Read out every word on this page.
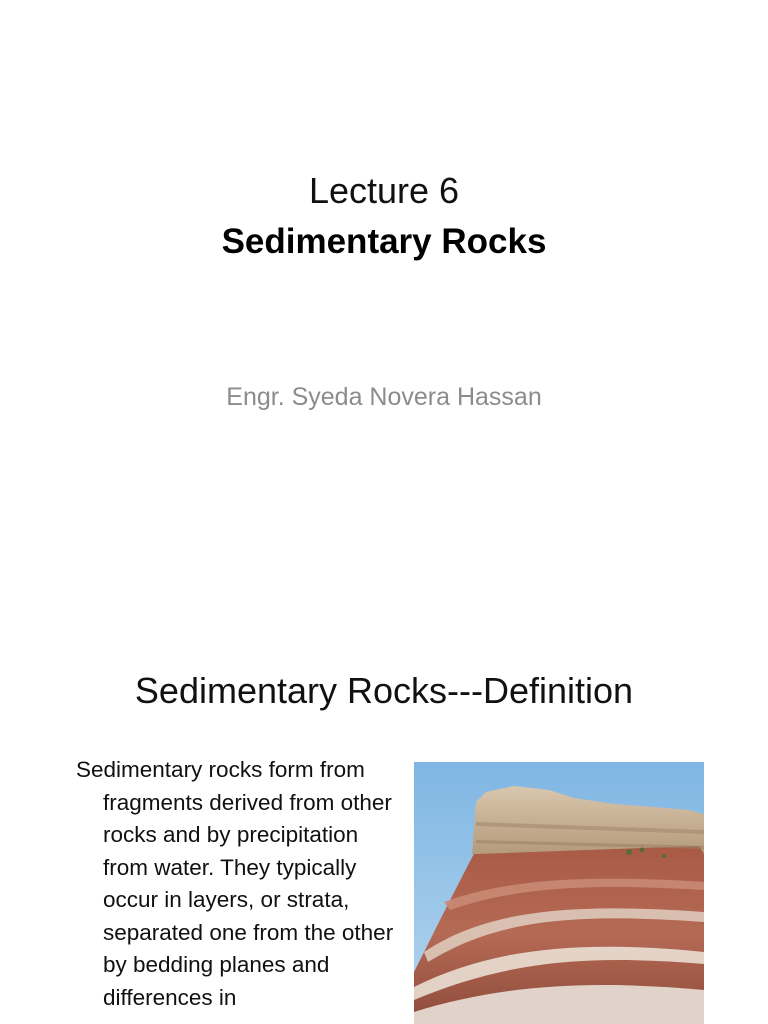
Lecture 6
Sedimentary Rocks
Engr. Syeda Novera Hassan
Sedimentary Rocks---Definition

Sedimentary rocks form from fragments derived from other rocks and by precipitation from water. They typically occur in layers, or strata, separated one from the other by bedding planes and differences in
